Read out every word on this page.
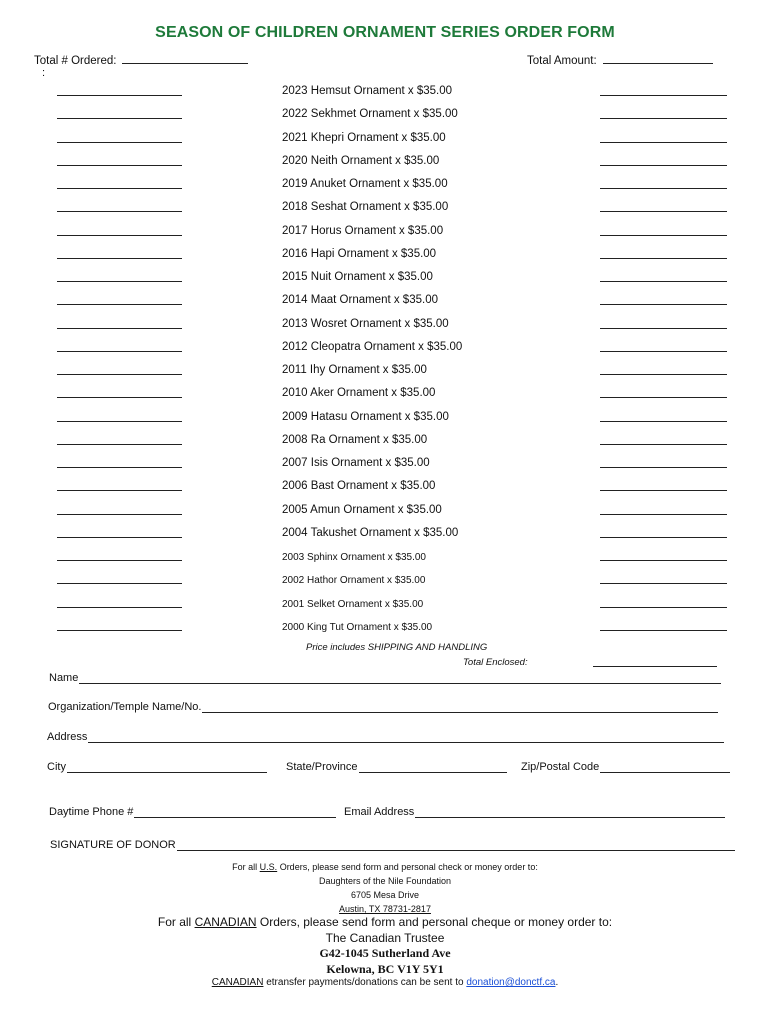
SEASON OF CHILDREN ORNAMENT SERIES ORDER FORM
Total # Ordered:
:
Total Amount:
2023 Hemsut Ornament x $35.00
2022 Sekhmet Ornament x $35.00
2021 Khepri Ornament x $35.00
2020 Neith Ornament x $35.00
2019 Anuket Ornament x $35.00
2018 Seshat Ornament x $35.00
2017 Horus Ornament x $35.00
2016 Hapi Ornament x $35.00
2015 Nuit Ornament x $35.00
2014 Maat Ornament x $35.00
2013 Wosret Ornament x $35.00
2012 Cleopatra Ornament x $35.00
2011 Ihy Ornament x $35.00
2010 Aker Ornament x $35.00
2009 Hatasu Ornament x $35.00
2008 Ra Ornament x $35.00
2007 Isis Ornament x $35.00
2006 Bast Ornament x $35.00
2005 Amun Ornament x $35.00
2004 Takushet Ornament x $35.00
2003 Sphinx Ornament x $35.00
2002 Hathor Ornament x $35.00
2001 Selket Ornament x $35.00
2000 King Tut Ornament x $35.00
Price includes SHIPPING AND HANDLING
Total Enclosed:
Name
Organization/Temple Name/No.
Address
City	State/Province	Zip/Postal Code
Daytime Phone #	Email Address
SIGNATURE OF DONOR
For all U.S. Orders, please send form and personal check or money order to:
Daughters of the Nile Foundation
6705 Mesa Drive
Austin, TX 78731-2817
For all CANADIAN Orders, please send form and personal cheque or money order to:
The Canadian Trustee
G42-1045 Sutherland Ave
Kelowna, BC V1Y 5Y1
CANADIAN etransfer payments/donations can be sent to donation@donctf.ca.
